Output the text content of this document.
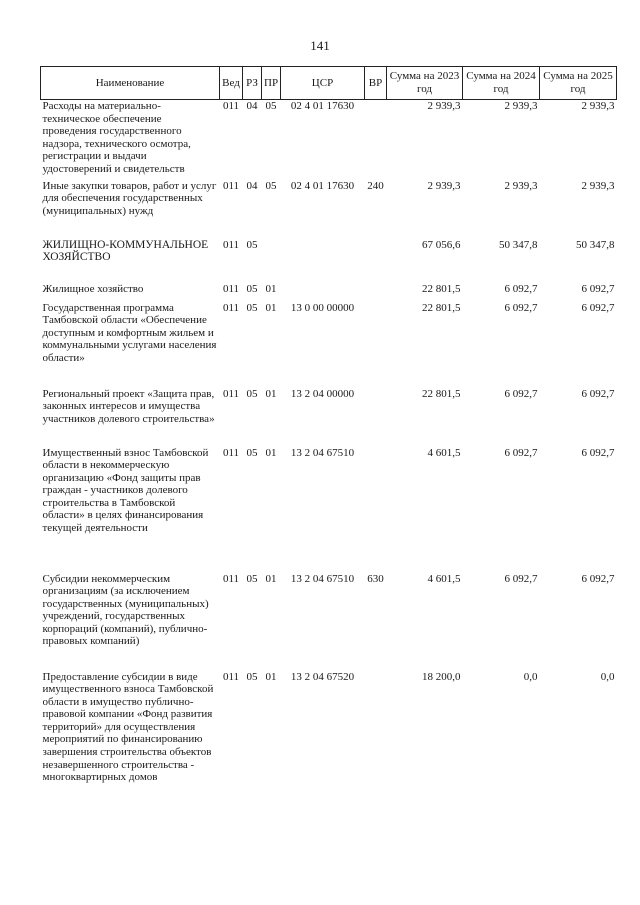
141
Наименование	Вед	РЗ	ПР	ЦСР	ВР	Сумма на 2023 год	Сумма на 2024 год	Сумма на 2025 год
Расходы на материально-техническое обеспечение проведения государственного надзора, технического осмотра, регистрации и выдачи удостоверений и свидетельств	011	04	05	02 4 01 17630		2 939,3	2 939,3	2 939,3
Иные закупки товаров, работ и услуг для обеспечения государственных (муниципальных) нужд	011	04	05	02 4 01 17630	240	2 939,3	2 939,3	2 939,3
ЖИЛИЩНО-КОММУНАЛЬНОЕ ХОЗЯЙСТВО	011	05				67 056,6	50 347,8	50 347,8
Жилищное хозяйство	011	05	01			22 801,5	6 092,7	6 092,7
Государственная программа Тамбовской области «Обеспечение доступным и комфортным жильем и коммунальными услугами населения области»	011	05	01	13 0 00 00000		22 801,5	6 092,7	6 092,7
Региональный проект «Защита прав, законных интересов и имущества участников долевого строительства»	011	05	01	13 2 04 00000		22 801,5	6 092,7	6 092,7
Имущественный взнос Тамбовской области в некоммерческую организацию «Фонд защиты прав граждан - участников долевого строительства в Тамбовской области» в целях финансирования текущей деятельности	011	05	01	13 2 04 67510		4 601,5	6 092,7	6 092,7
Субсидии некоммерческим организациям (за исключением государственных (муниципальных) учреждений, государственных корпораций (компаний), публично-правовых компаний)	011	05	01	13 2 04 67510	630	4 601,5	6 092,7	6 092,7
Предоставление субсидии в виде имущественного взноса Тамбовской области в имущество публично-правовой компании «Фонд развития территорий» для осуществления мероприятий по финансированию завершения строительства объектов незавершенного строительства - многоквартирных домов	011	05	01	13 2 04 67520		18 200,0	0,0	0,0
